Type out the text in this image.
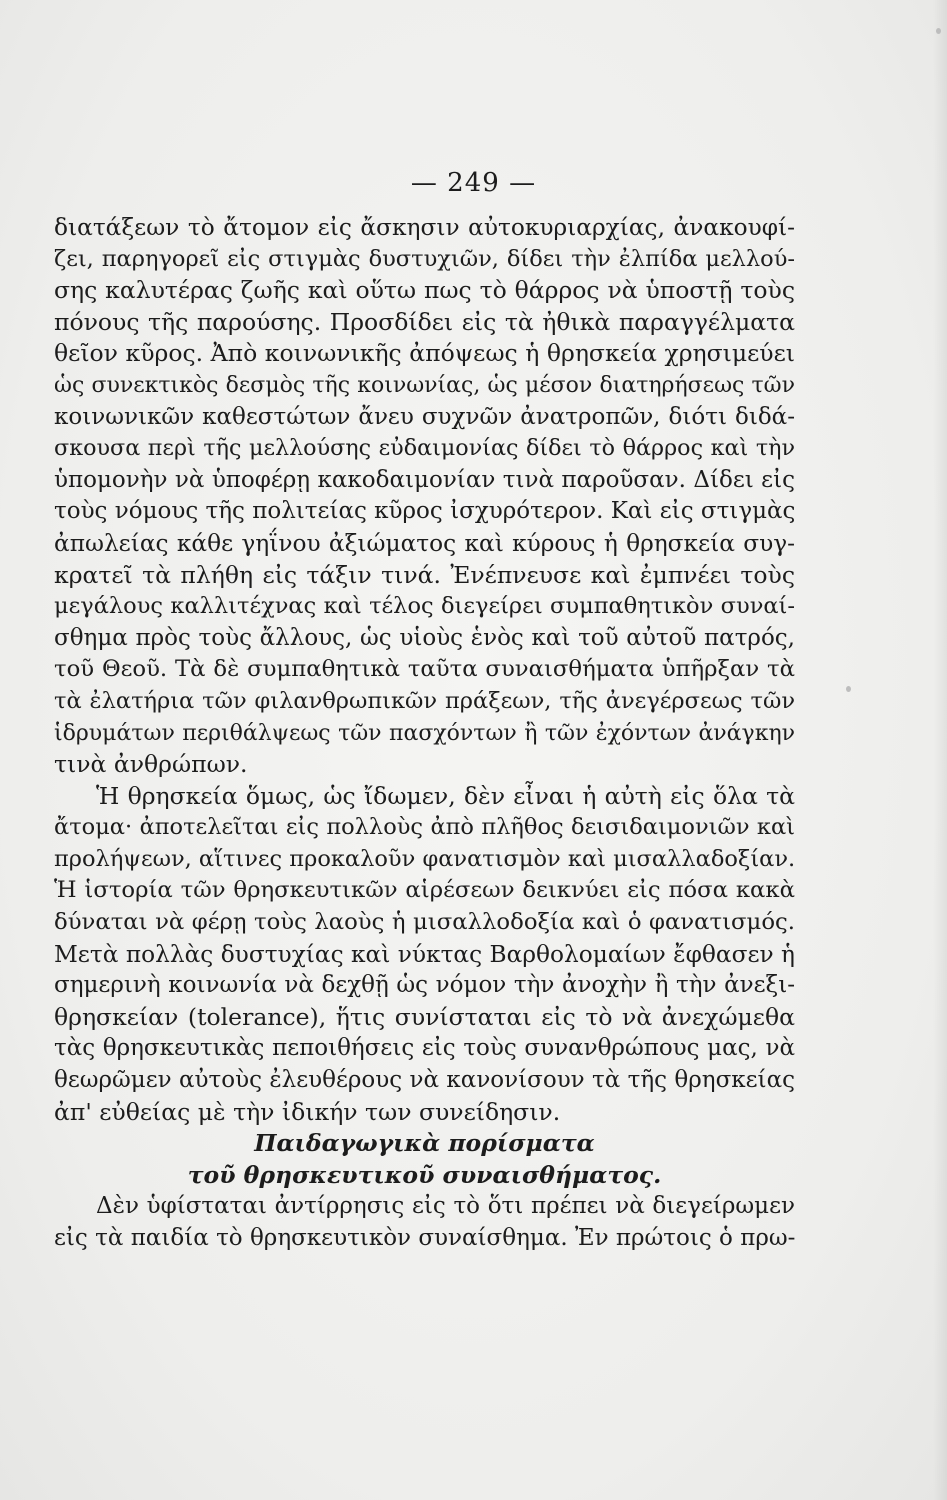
— 249 —
διατάξεων τὸ ἄτομον εἰς ἄσκησιν αὐτοκυριαρχίας, ἀνακουφί-
ζει, παρηγορεῖ εἰς στιγμὰς δυστυχιῶν, δίδει τὴν ἐλπίδα μελλού-
σης καλυτέρας ζωῆς καὶ οὕτω πως τὸ θάρρος νὰ ὑποστῇ τοὺς
πόνους τῆς παρούσης. Προσδίδει εἰς τὰ ἠθικὰ παραγγέλματα
θεῖον κῦρος. Ἀπὸ κοινωνικῆς ἀπόψεως ἡ θρησκεία χρησιμεύει
ὡς συνεκτικὸς δεσμὸς τῆς κοινωνίας, ὡς μέσον διατηρήσεως τῶν
κοινωνικῶν καθεστώτων ἄνευ συχνῶν ἀνατροπῶν, διότι διδά-
σκουσα περὶ τῆς μελλούσης εὐδαιμονίας δίδει τὸ θάρρος καὶ τὴν
ὑπομονὴν νὰ ὑποφέρῃ κακοδαιμονίαν τινὰ παροῦσαν. Δίδει εἰς
τοὺς νόμους τῆς πολιτείας κῦρος ἰσχυρότερον. Καὶ εἰς στιγμὰς
ἀπωλείας κάθε γηΐνου ἀξιώματος καὶ κύρους ἡ θρησκεία συγ-
κρατεῖ τὰ πλήθη εἰς τάξιν τινά. Ἐνέπνευσε καὶ ἐμπνέει τοὺς
μεγάλους καλλιτέχνας καὶ τέλος διεγείρει συμπαθητικὸν συναί-
σθημα πρὸς τοὺς ἄλλους, ὡς υἱοὺς ἑνὸς καὶ τοῦ αὐτοῦ πατρός,
τοῦ Θεοῦ. Τὰ δὲ συμπαθητικὰ ταῦτα συναισθήματα ὑπῆρξαν τὰ
τὰ ἐλατήρια τῶν φιλανθρωπικῶν πράξεων, τῆς ἀνεγέρσεως τῶν
ἱδρυμάτων περιθάλψεως τῶν πασχόντων ἢ τῶν ἐχόντων ἀνάγκην
τινὰ ἀνθρώπων.
Ἡ θρησκεία ὅμως, ὡς ἴδωμεν, δὲν εἶναι ἡ αὐτὴ εἰς ὅλα τὰ
ἄτομα· ἀποτελεῖται εἰς πολλοὺς ἀπὸ πλῆθος δεισιδαιμονιῶν καὶ
προλήψεων, αἵτινες προκαλοῦν φανατισμὸν καὶ μισαλλαδοξίαν.
Ἡ ἱστορία τῶν θρησκευτικῶν αἱρέσεων δεικνύει εἰς πόσα κακὰ
δύναται νὰ φέρῃ τοὺς λαοὺς ἡ μισαλλοδοξία καὶ ὁ φανατισμός.
Μετὰ πολλὰς δυστυχίας καὶ νύκτας Βαρθολομαίων ἔφθασεν ἡ
σημερινὴ κοινωνία νὰ δεχθῇ ὡς νόμον τὴν ἀνοχὴν ἢ τὴν ἀνεξι-
θρησκείαν (tolerance), ἥτις συνίσταται εἰς τὸ νὰ ἀνεχώμεθα
τὰς θρησκευτικὰς πεποιθήσεις εἰς τοὺς συνανθρώπους μας, νὰ
θεωρῶμεν αὐτοὺς ἐλευθέρους νὰ κανονίσουν τὰ τῆς θρησκείας
ἀπ' εὐθείας μὲ τὴν ἰδικήν των συνείδησιν.
Παιδαγωγικὰ πορίσματα
τοῦ θρησκευτικοῦ συναισθήματος.
Δὲν ὑφίσταται ἀντίρρησις εἰς τὸ ὅτι πρέπει νὰ διεγείρωμεν
εἰς τὰ παιδία τὸ θρησκευτικὸν συναίσθημα. Ἐν πρώτοις ὁ πρω-
